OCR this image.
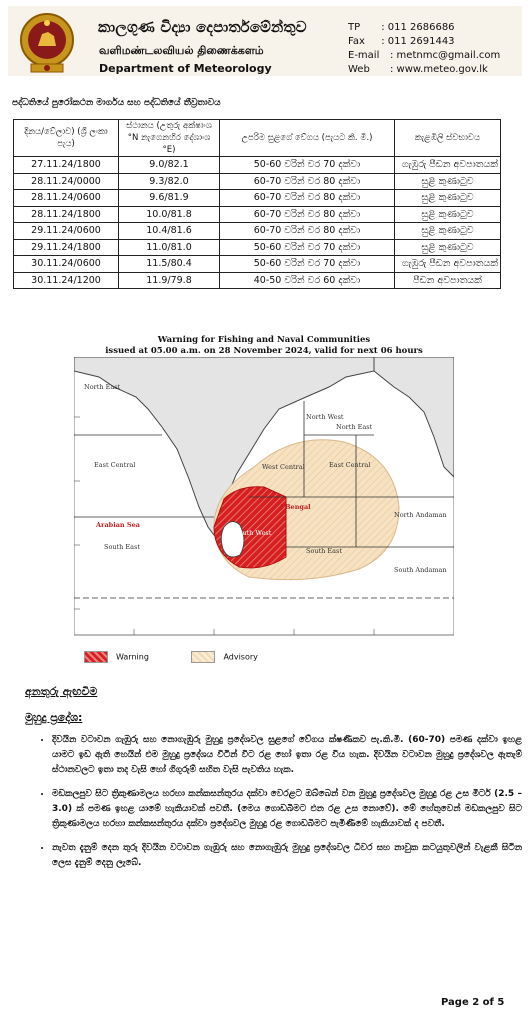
කාලගුණ විද්‍යා දෙපාර්තමේන්තුව
வளிமண்டலவியல் திணைக்களம்
Department of Meteorology
TP : 011 2686686
Fax : 011 2691443
E-mail : metnmc@gmail.com
Web : www.meteo.gov.lk
පද්ධතියේ පුරෝකථන මාර්ගය සහ පද්ධතියේ තීව්‍රතාවය
දිනය/වේලාව) (ශ්‍රී ලංකා පැය)	ස්ථානය (උතුරු අක්ෂාංශ °N නැගෙනහිර දේශාංශ °E)	උපරිම සුළගේ වේගය (පැයට කි. මී.)	කැළඹිලි ස්වභාවය
27.11.24/1800	9.0/82.1	50-60 වරින් වර 70 දක්වා	ගැඹුරු පීඩන අවපාතයක්
28.11.24/0000	9.3/82.0	60-70 වරින් වර 80 දක්වා	සුළි කුණාටුව
28.11.24/0600	9.6/81.9	60-70 වරින් වර 80 දක්වා	සුළි කුණාටුව
28.11.24/1800	10.0/81.8	60-70 වරින් වර 80 දක්වා	සුළි කුණාටුව
29.11.24/0600	10.4/81.6	60-70 වරින් වර 80 දක්වා	සුළි කුණාටුව
29.11.24/1800	11.0/81.0	50-60 වරින් වර 70 දක්වා	සුළි කුණාටුව
30.11.24/0600	11.5/80.4	50-60 වරින් වර 70 දක්වා	ගැඹුරු පීඩන අවපාතයක්
30.11.24/1200	11.9/79.8	40-50 වරින් වර 60 දක්වා	පීඩන අවපාතයක්
Warning for Fishing and Naval Communities
issued at 05.00 a.m. on 28 November 2024, valid for next 06 hours
North East
North West
North East
East Central	West Central	East Central
North Andaman
Arabian Sea
f Bengal
South East
South West
South East
South Andaman
Warning	Advisory
අනතුරු ඇඟවීම
මුහුදු ප්‍රදේශ:
• දිවයින වටාවන ගැඹුරු සහ නොගැඹුරු මුහුදු ප්‍රදේශවල සුළගේ වේගය ක්ෂණිකව පැ.කි.මී. (60-70) පමණ දක්වා ඉහළ යාමට ඉඩ ඇති හෙයින් එම මුහුදු ප්‍රදේශය විටින් විට රළ හෝ ඉතා රළ විය හැක. දිවයින වටාවන මුහුදු ප්‍රදේශවල ඇතැම් ස්ථානවලට ඉතා තද වැසි හෝ ගිගුරුම් සහිත වැසි පැවතිය හැක.
• මඩකලපුව සිට ත්‍රිකුණාමලය හරහා කන්කසන්තුරය දක්වා වෙරළට ඔබ්බෙන් වන මුහුදු ප්‍රදේශවල මුහුදු රළ උස මීටර් (2.5 – 3.0) ක් පමණ ඉහළ යාමේ හැකියාවක් පවතී. (මෙය ගොඩබිමට එන රළ උස නොවේ). මේ හේතුවෙන් මඩකලපුව සිට ත්‍රිකුණාමලය හරහා කන්කසන්තුරය දක්වා ප්‍රදේශවල මුහුදු රළ ගොඩබිමට පැමිණීමේ හැකියාවක් ද පවතී.
• නැවත දැනුම් දෙන තුරු දිවයින වටාවන ගැඹුරු සහ නොගැඹුරු මුහුදු ප්‍රදේශවල ධීවර සහ නාවුක කටයුතුවලින් වැළකී සිටින ලෙස දැනුම් දෙනු ලැබේ.
Page 2 of 5
